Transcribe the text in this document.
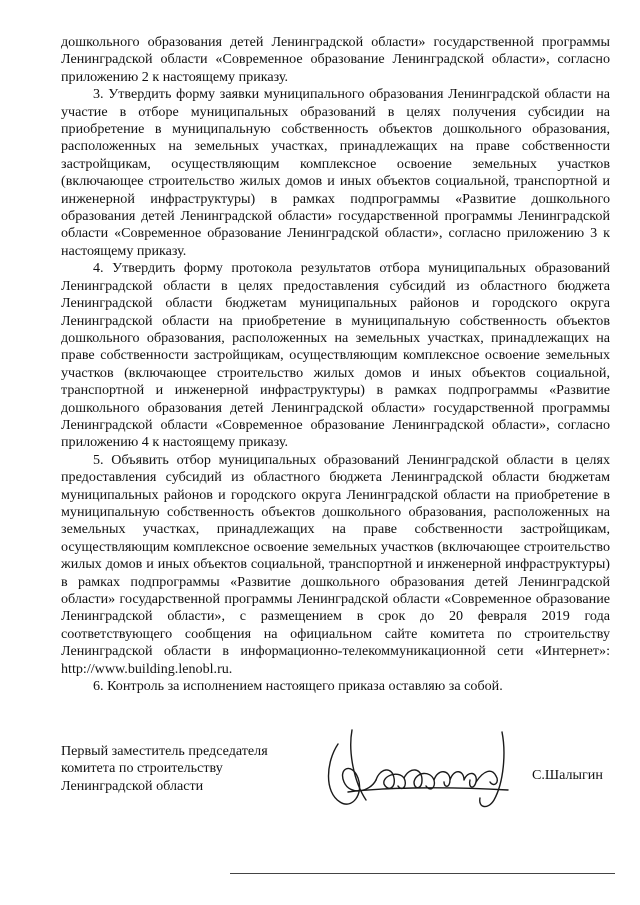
дошкольного образования детей Ленинградской области» государственной программы Ленинградской области «Современное образование Ленинградской области», согласно приложению 2 к настоящему приказу.

3. Утвердить форму заявки муниципального образования Ленинградской области на участие в отборе муниципальных образований в целях получения субсидии на приобретение в муниципальную собственность объектов дошкольного образования, расположенных на земельных участках, принадлежащих на праве собственности застройщикам, осуществляющим комплексное освоение земельных участков (включающее строительство жилых домов и иных объектов социальной, транспортной и инженерной инфраструктуры) в рамках подпрограммы «Развитие дошкольного образования детей Ленинградской области» государственной программы Ленинградской области «Современное образование Ленинградской области», согласно приложению 3 к настоящему приказу.

4. Утвердить форму протокола результатов отбора муниципальных образований Ленинградской области в целях предоставления субсидий из областного бюджета Ленинградской области бюджетам муниципальных районов и городского округа Ленинградской области на приобретение в муниципальную собственность объектов дошкольного образования, расположенных на земельных участках, принадлежащих на праве собственности застройщикам, осуществляющим комплексное освоение земельных участков (включающее строительство жилых домов и иных объектов социальной, транспортной и инженерной инфраструктуры) в рамках подпрограммы «Развитие дошкольного образования детей Ленинградской области» государственной программы Ленинградской области «Современное образование Ленинградской области», согласно приложению 4 к настоящему приказу.

5. Объявить отбор муниципальных образований Ленинградской области в целях предоставления субсидий из областного бюджета Ленинградской области бюджетам муниципальных районов и городского округа Ленинградской области на приобретение в муниципальную собственность объектов дошкольного образования, расположенных на земельных участках, принадлежащих на праве собственности застройщикам, осуществляющим комплексное освоение земельных участков (включающее строительство жилых домов и иных объектов социальной, транспортной и инженерной инфраструктуры) в рамках подпрограммы «Развитие дошкольного образования детей Ленинградской области» государственной программы Ленинградской области «Современное образование Ленинградской области», с размещением в срок до 20 февраля 2019 года соответствующего сообщения на официальном сайте комитета по строительству Ленинградской области в информационно-телекоммуникационной сети «Интернет»: http://www.building.lenobl.ru.

6. Контроль за исполнением настоящего приказа оставляю за собой.

Первый заместитель председателя
комитета по строительству
Ленинградской области
С.Шалыгин
